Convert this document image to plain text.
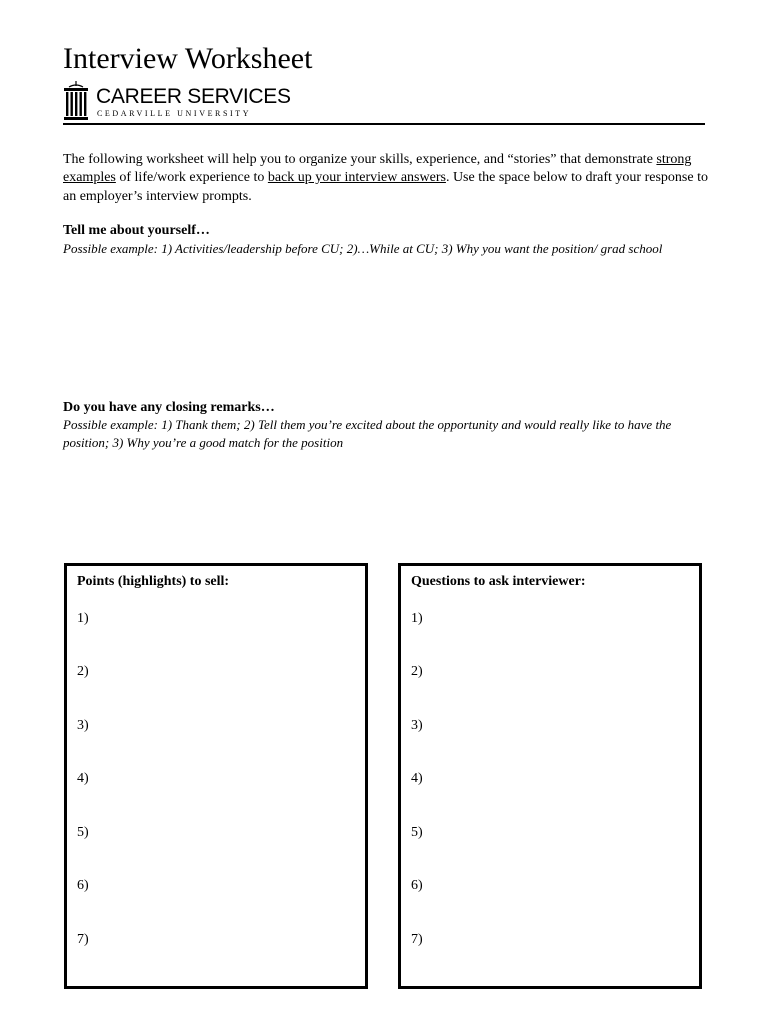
Interview Worksheet
CAREER SERVICES
CEDARVILLE UNIVERSITY
The following worksheet will help you to organize your skills, experience, and “stories” that demonstrate strong examples of life/work experience to back up your interview answers. Use the space below to draft your response to an employer’s interview prompts.
Tell me about yourself…
Possible example: 1) Activities/leadership before CU; 2)…While at CU; 3) Why you want the position/ grad school
Do you have any closing remarks…
Possible example: 1) Thank them; 2) Tell them you’re excited about the opportunity and would really like to have the position; 3) Why you’re a good match for the position
Points (highlights) to sell:
1)
2)
3)
4)
5)
6)
7)
Questions to ask interviewer:
1)
2)
3)
4)
5)
6)
7)
